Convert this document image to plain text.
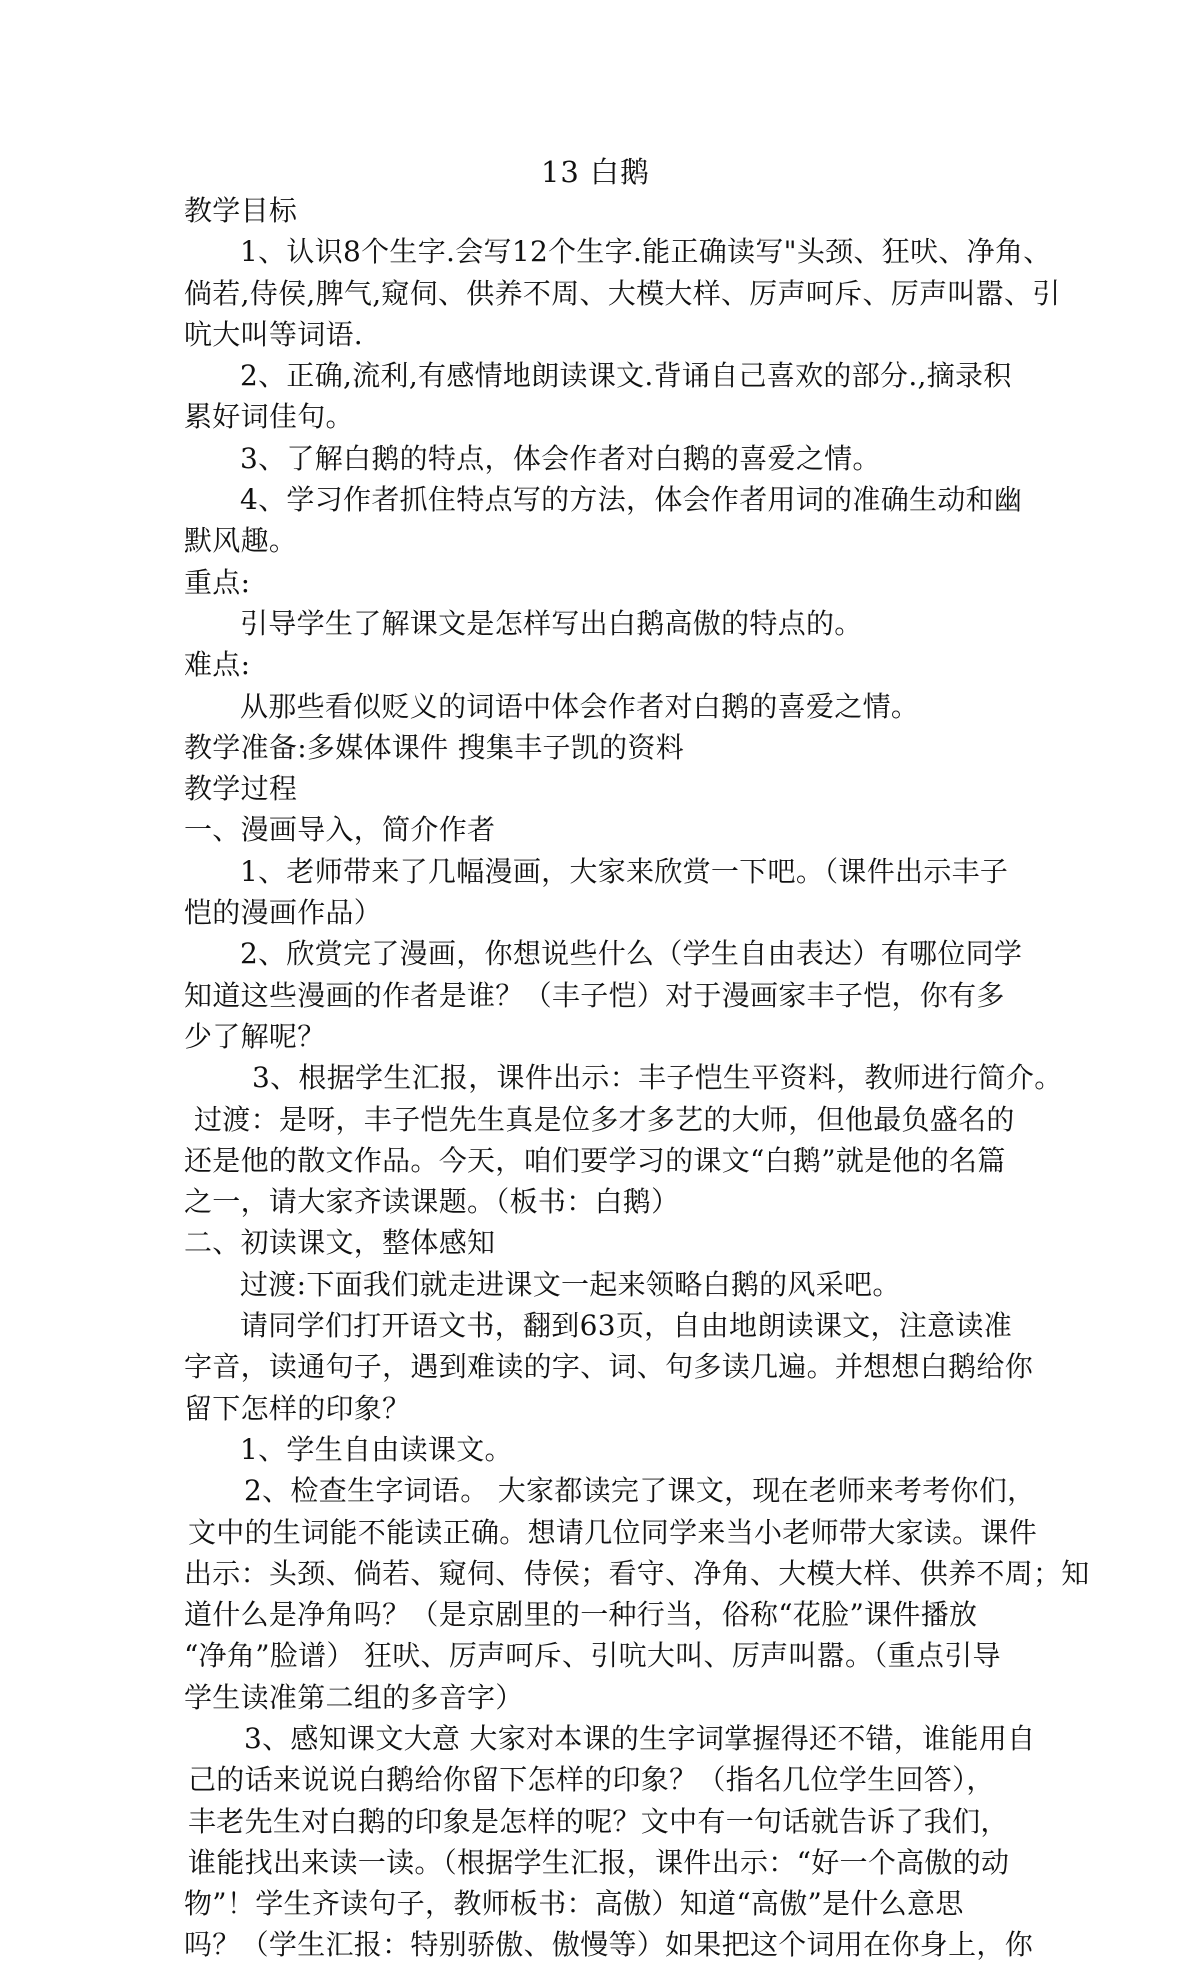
13 白鹅
教学目标
1、认识8个生字.会写12个生字.能正确读写"头颈、狂吠、净角、
倘若,侍侯,脾气,窥伺、供养不周、大模大样、厉声呵斥、厉声叫嚣、引
吭大叫等词语.
2、正确,流利,有感情地朗读课文.背诵自己喜欢的部分.,摘录积
累好词佳句。
3、了解白鹅的特点，体会作者对白鹅的喜爱之情。
4、学习作者抓住特点写的方法，体会作者用词的准确生动和幽
默风趣。
重点:
引导学生了解课文是怎样写出白鹅高傲的特点的。
难点:
从那些看似贬义的词语中体会作者对白鹅的喜爱之情。
教学准备:多媒体课件 搜集丰子凯的资料
教学过程
一、漫画导入，简介作者
1、老师带来了几幅漫画，大家来欣赏一下吧。（课件出示丰子
恺的漫画作品）
2、欣赏完了漫画，你想说些什么（学生自由表达）有哪位同学
知道这些漫画的作者是谁？（丰子恺）对于漫画家丰子恺，你有多
少了解呢？
3、根据学生汇报，课件出示：丰子恺生平资料，教师进行简介。
过渡：是呀，丰子恺先生真是位多才多艺的大师，但他最负盛名的
还是他的散文作品。今天，咱们要学习的课文“白鹅”就是他的名篇
之一，请大家齐读课题。（板书：白鹅）
二、初读课文，整体感知
过渡:下面我们就走进课文一起来领略白鹅的风采吧。
请同学们打开语文书，翻到63页，自由地朗读课文，注意读准
字音，读通句子，遇到难读的字、词、句多读几遍。并想想白鹅给你
留下怎样的印象？
1、学生自由读课文。
2、检查生字词语。 大家都读完了课文，现在老师来考考你们，
文中的生词能不能读正确。想请几位同学来当小老师带大家读。课件
出示：头颈、倘若、窥伺、侍侯；看守、净角、大模大样、供养不周；知
道什么是净角吗？（是京剧里的一种行当，俗称“花脸”课件播放
“净角”脸谱） 狂吠、厉声呵斥、引吭大叫、厉声叫嚣。（重点引导
学生读准第二组的多音字）
3、感知课文大意 大家对本课的生字词掌握得还不错，谁能用自
己的话来说说白鹅给你留下怎样的印象？（指名几位学生回答），
丰老先生对白鹅的印象是怎样的呢？文中有一句话就告诉了我们，
谁能找出来读一读。（根据学生汇报，课件出示：“好一个高傲的动
物”！学生齐读句子，教师板书：高傲）知道“高傲”是什么意思
吗？（学生汇报：特别骄傲、傲慢等）如果把这个词用在你身上，你
